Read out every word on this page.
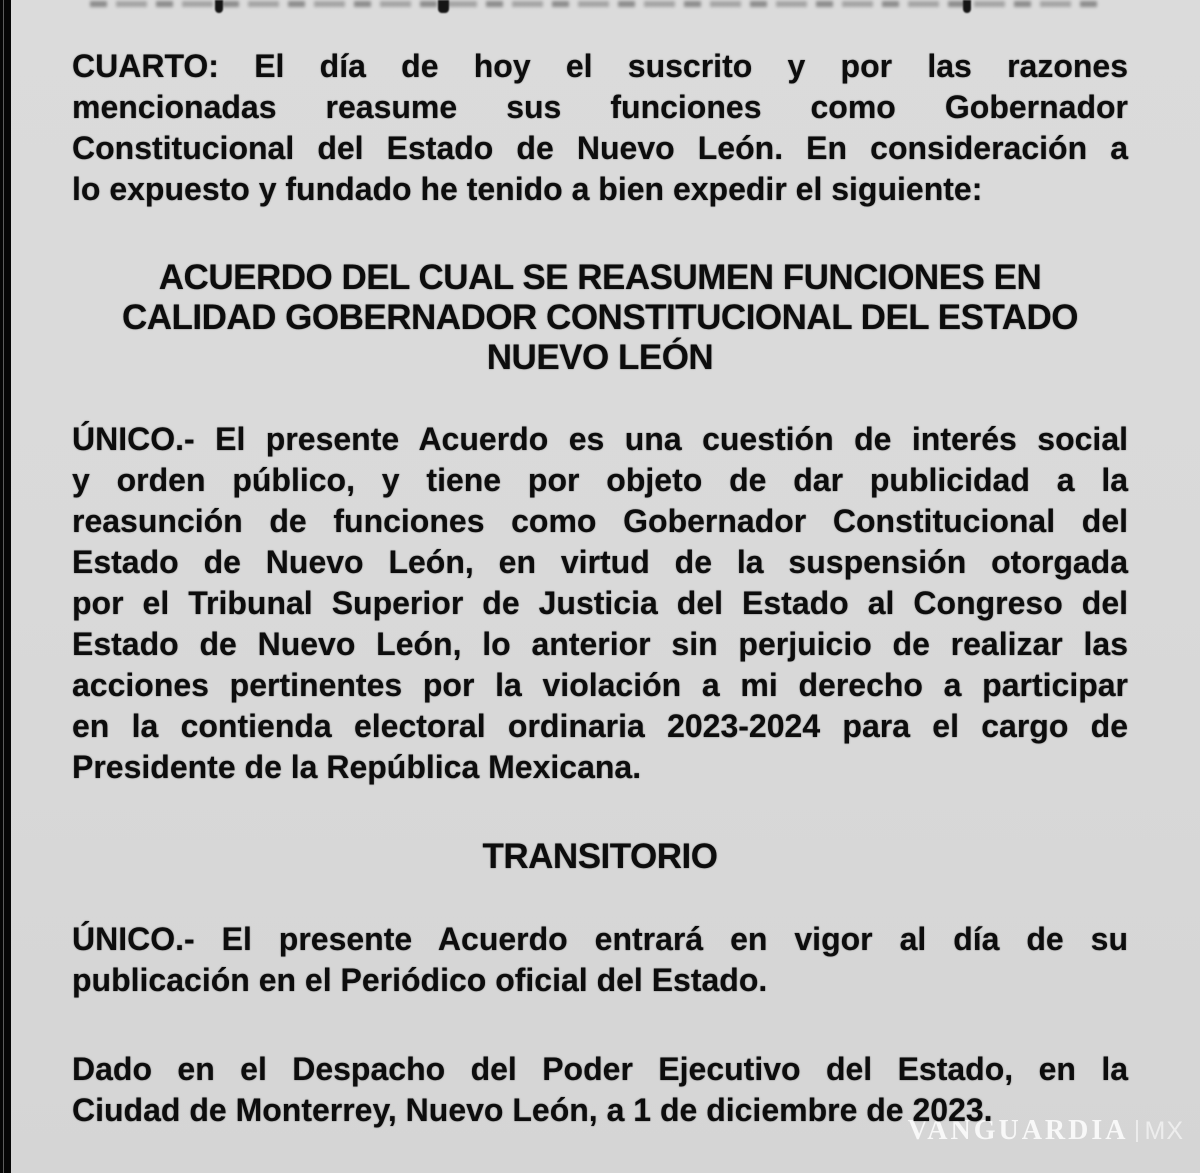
CUARTO: El día de hoy el suscrito y por las razones
mencionadas reasume sus funciones como Gobernador
Constitucional del Estado de Nuevo León. En consideración a
lo expuesto y fundado he tenido a bien expedir el siguiente:
ACUERDO DEL CUAL SE REASUMEN FUNCIONES EN
CALIDAD GOBERNADOR CONSTITUCIONAL DEL ESTADO
NUEVO LEÓN
ÚNICO.- El presente Acuerdo es una cuestión de interés social
y orden público, y tiene por objeto de dar publicidad a la
reasunción de funciones como Gobernador Constitucional del
Estado de Nuevo León, en virtud de la suspensión otorgada
por el Tribunal Superior de Justicia del Estado al Congreso del
Estado de Nuevo León, lo anterior sin perjuicio de realizar las
acciones pertinentes por la violación a mi derecho a participar
en la contienda electoral ordinaria 2023-2024 para el cargo de
Presidente de la República Mexicana.
TRANSITORIO
ÚNICO.- El presente Acuerdo entrará en vigor al día de su
publicación en el Periódico oficial del Estado.
Dado en el Despacho del Poder Ejecutivo del Estado, en la
Ciudad de Monterrey, Nuevo León, a 1 de diciembre de 2023.
VANGUARDIA MX
